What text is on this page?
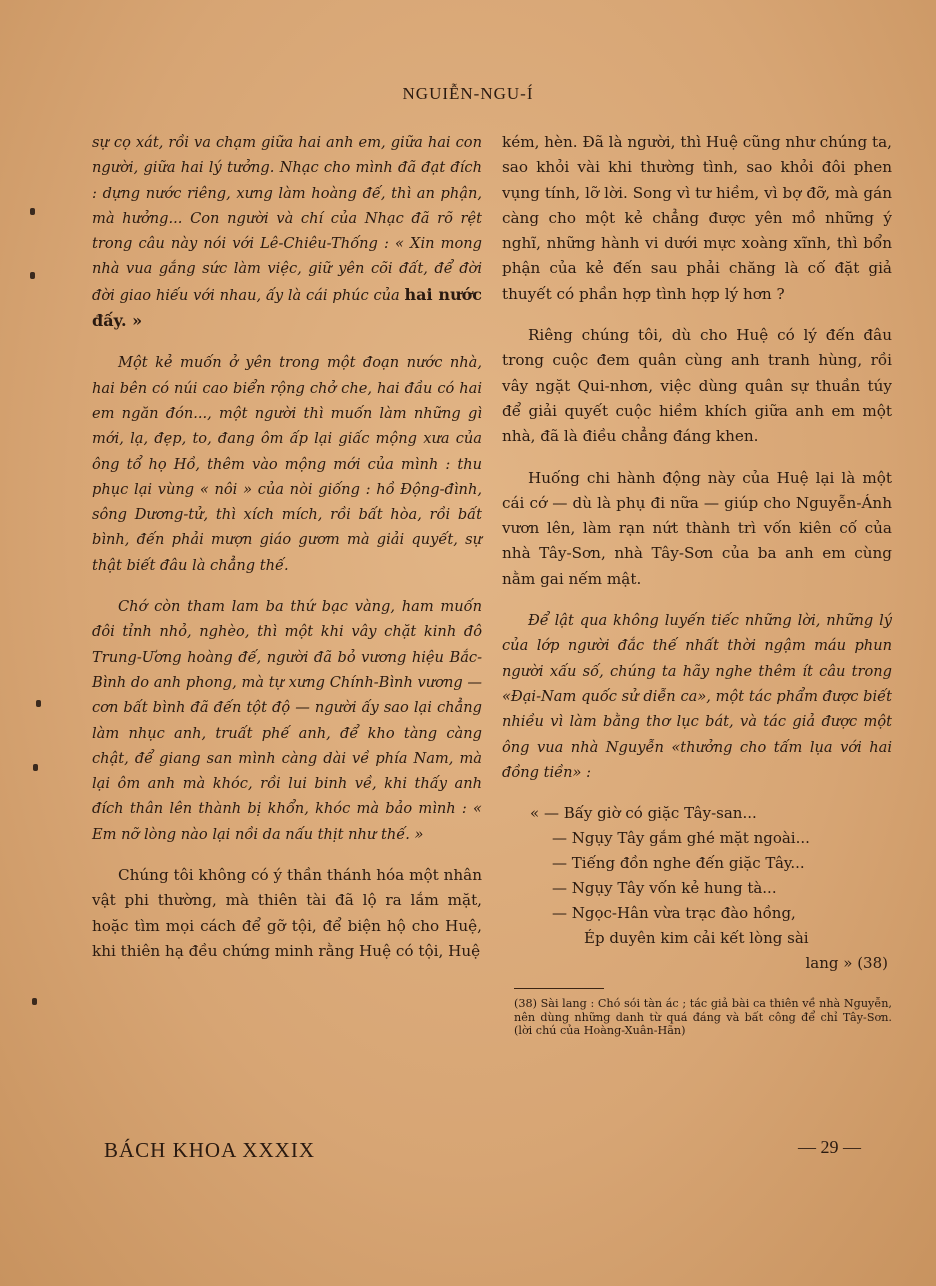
NGUIỄN-NGU-Í

sự cọ xát, rồi va chạm giữa hai anh em, giữa hai con người, giữa hai lý tưởng. Nhạc cho mình đã đạt đích : dựng nước riêng, xưng làm hoàng đế, thì an phận, mà hưởng... Con người và chí của Nhạc đã rõ rệt trong câu này nói với Lê-Chiêu-Thống : « Xin mong nhà vua gắng sức làm việc, giữ yên cõi đất, để đời đời giao hiếu với nhau, ấy là cái phúc của hai nước đấy. »

Một kẻ muốn ở yên trong một đoạn nước nhà, hai bên có núi cao biển rộng chở che, hai đầu có hai em ngăn đón..., một người thì muốn làm những gì mới, lạ, đẹp, to, đang ôm ấp lại giấc mộng xưa của ông tổ họ Hồ, thêm vào mộng mới của mình : thu phục lại vùng « nôi » của nòi giống : hồ Động-đình, sông Dương-tử, thì xích mích, rồi bất hòa, rồi bất bình, đến phải mượn giáo gươm mà giải quyết, sự thật biết đâu là chẳng thế.

Chớ còn tham lam ba thứ bạc vàng, ham muốn đôi tỉnh nhỏ, nghèo, thì một khi vây chặt kinh đô Trung-Ương hoàng đế, người đã bỏ vương hiệu Bắc-Bình do anh phong, mà tự xưng Chính-Bình vương — cơn bất bình đã đến tột độ — người ấy sao lại chẳng làm nhục anh, truất phế anh, để kho tàng càng chật, để giang san mình càng dài về phía Nam, mà lại ôm anh mà khóc, rồi lui binh về, khi thấy anh đích thân lên thành bị khổn, khóc mà bảo mình : « Em nỡ lòng nào lại nồi da nấu thịt như thế. »

Chúng tôi không có ý thần thánh hóa một nhân vật phi thường, mà thiên tài đã lộ ra lắm mặt, hoặc tìm mọi cách để gỡ tội, để biện hộ cho Huệ, khi thiên hạ đều chứng minh rằng Huệ có tội, Huệ

kém, hèn. Đã là người, thì Huệ cũng như chúng ta, sao khỏi vài khi thường tình, sao khỏi đôi phen vụng tính, lỡ lời. Song vì tư hiềm, vì bợ đỡ, mà gán càng cho một kẻ chẳng được yên mồ những ý nghĩ, những hành vi dưới mực xoàng xĩnh, thì bổn phận của kẻ đến sau phải chăng là cố đặt giả thuyết có phần hợp tình hợp lý hơn ?

Riêng chúng tôi, dù cho Huệ có lý đến đâu trong cuộc đem quân cùng anh tranh hùng, rồi vây ngặt Qui-nhơn, việc dùng quân sự thuần túy để giải quyết cuộc hiềm khích giữa anh em một nhà, đã là điều chẳng đáng khen.

Huống chi hành động này của Huệ lại là một cái cớ — dù là phụ đi nữa — giúp cho Nguyễn-Ánh vươn lên, làm rạn nứt thành trì vốn kiên cố của nhà Tây-Sơn, nhà Tây-Sơn của ba anh em cùng nằm gai nếm mật.

Để lật qua không luyến tiếc những lời, những lý của lớp người đắc thế nhất thời ngậm máu phun người xấu số, chúng ta hãy nghe thêm ít câu trong «Đại-Nam quốc sử diễn ca», một tác phẩm được biết nhiều vì làm bằng thơ lục bát, và tác giả được một ông vua nhà Nguyễn «thưởng cho tấm lụa với hai đồng tiền» :

« — Bấy giờ có giặc Tây-san...
— Ngụy Tây gắm ghé mặt ngoài...
— Tiếng đồn nghe đến giặc Tây...
— Ngụy Tây vốn kẻ hung tà...
— Ngọc-Hân vừa trạc đào hồng,
Ép duyên kim cải kết lòng sài
lang » (38)
(38) Sài lang : Chó sói tàn ác ; tác giả bài ca thiên về nhà Nguyễn, nên dùng những danh từ quá đáng và bất công để chỉ Tây-Sơn. (lời chú của Hoàng-Xuân-Hãn)
BÁCH KHOA XXXIX	— 29 —
